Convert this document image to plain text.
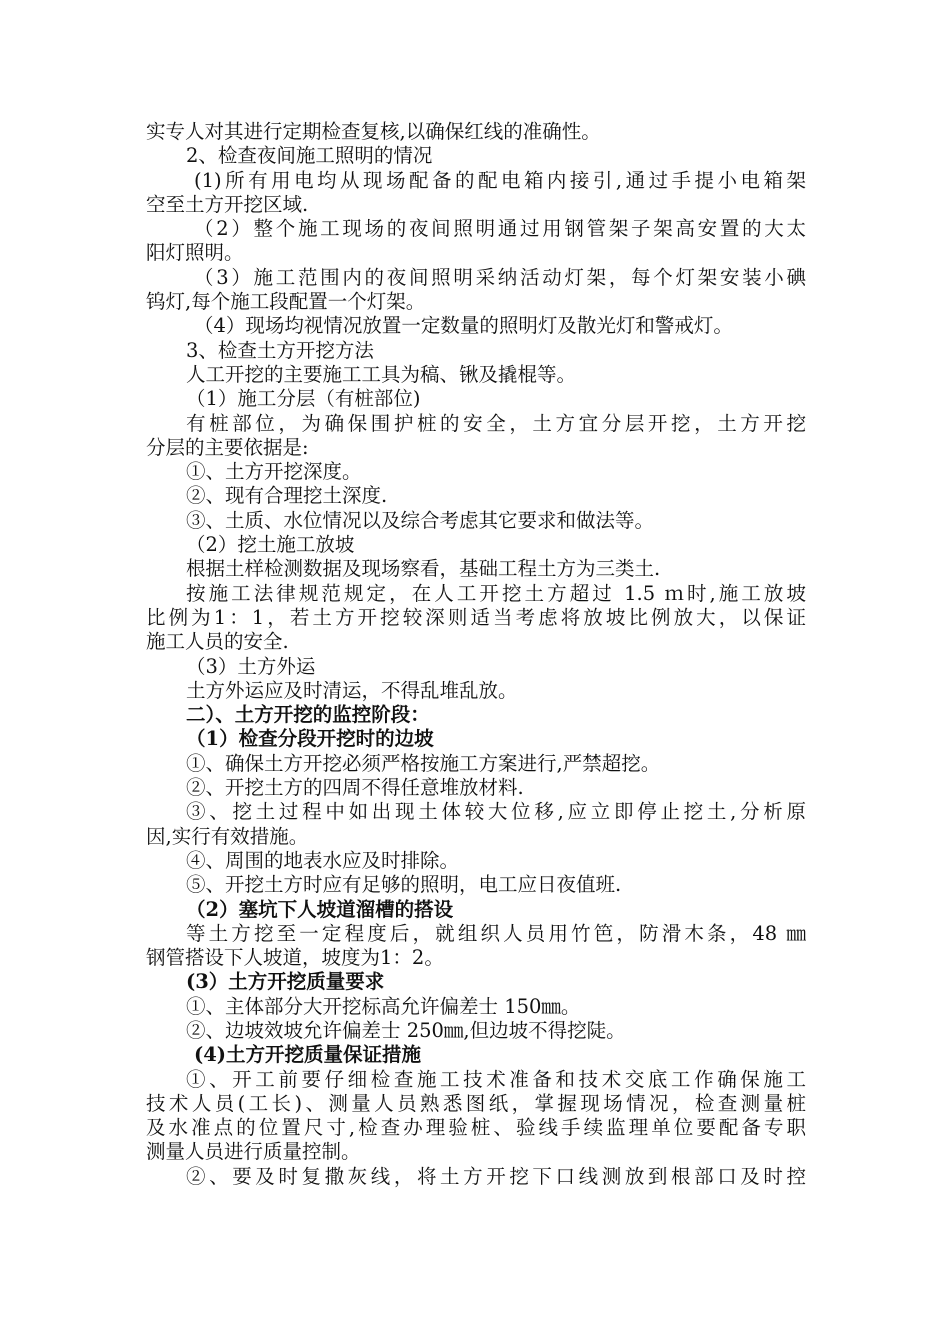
实专人对其进行定期检查复核,以确保红线的准确性。
2、检查夜间施工照明的情况
(1)所有用电均从现场配备的配电箱内接引,通过手提小电箱架
空至土方开挖区域.
（2）整个施工现场的夜间照明通过用钢管架子架高安置的大太
阳灯照明。
（3）施工范围内的夜间照明采纳活动灯架，每个灯架安装小碘
钨灯,每个施工段配置一个灯架。
（4）现场均视情况放置一定数量的照明灯及散光灯和警戒灯。
3、检查土方开挖方法
人工开挖的主要施工工具为稿、锹及撬棍等。
（1）施工分层（有桩部位)
有桩部位，为确保围护桩的安全，土方宜分层开挖，土方开挖
分层的主要依据是:
①、土方开挖深度。
②、现有合理挖土深度.
③、土质、水位情况以及综合考虑其它要求和做法等。
（2）挖土施工放坡
根据土样检测数据及现场察看，基础工程土方为三类土.
按施工法律规范规定，在人工开挖土方超过 1.5 ｍ时,施工放坡
比例为1：1，若土方开挖较深则适当考虑将放坡比例放大，以保证
施工人员的安全.
（3）土方外运
土方外运应及时清运，不得乱堆乱放。
二）、土方开挖的监控阶段：
（1）检查分段开挖时的边坡
①、确保土方开挖必须严格按施工方案进行,严禁超挖。
②、开挖土方的四周不得任意堆放材料.
③、挖土过程中如出现土体较大位移,应立即停止挖土,分析原
因,实行有效措施。
④、周围的地表水应及时排除。
⑤、开挖土方时应有足够的照明，电工应日夜值班.
（2）塞坑下人坡道溜槽的搭设
等土方挖至一定程度后，就组织人员用竹笆，防滑木条，48 ㎜
钢管搭设下人坡道，坡度为1：2。
(3）土方开挖质量要求
①、主体部分大开挖标高允许偏差士 150㎜。
②、边坡效坡允许偏差士 250㎜,但边坡不得挖陡。
(4)土方开挖质量保证措施
①、开工前要仔细检查施工技术准备和技术交底工作确保施工
技术人员(工长)、测量人员熟悉图纸，掌握现场情况，检查测量桩
及水准点的位置尺寸,检查办理验桩、验线手续监理单位要配备专职
测量人员进行质量控制。
②、要及时复撒灰线，将土方开挖下口线测放到根部口及时控
